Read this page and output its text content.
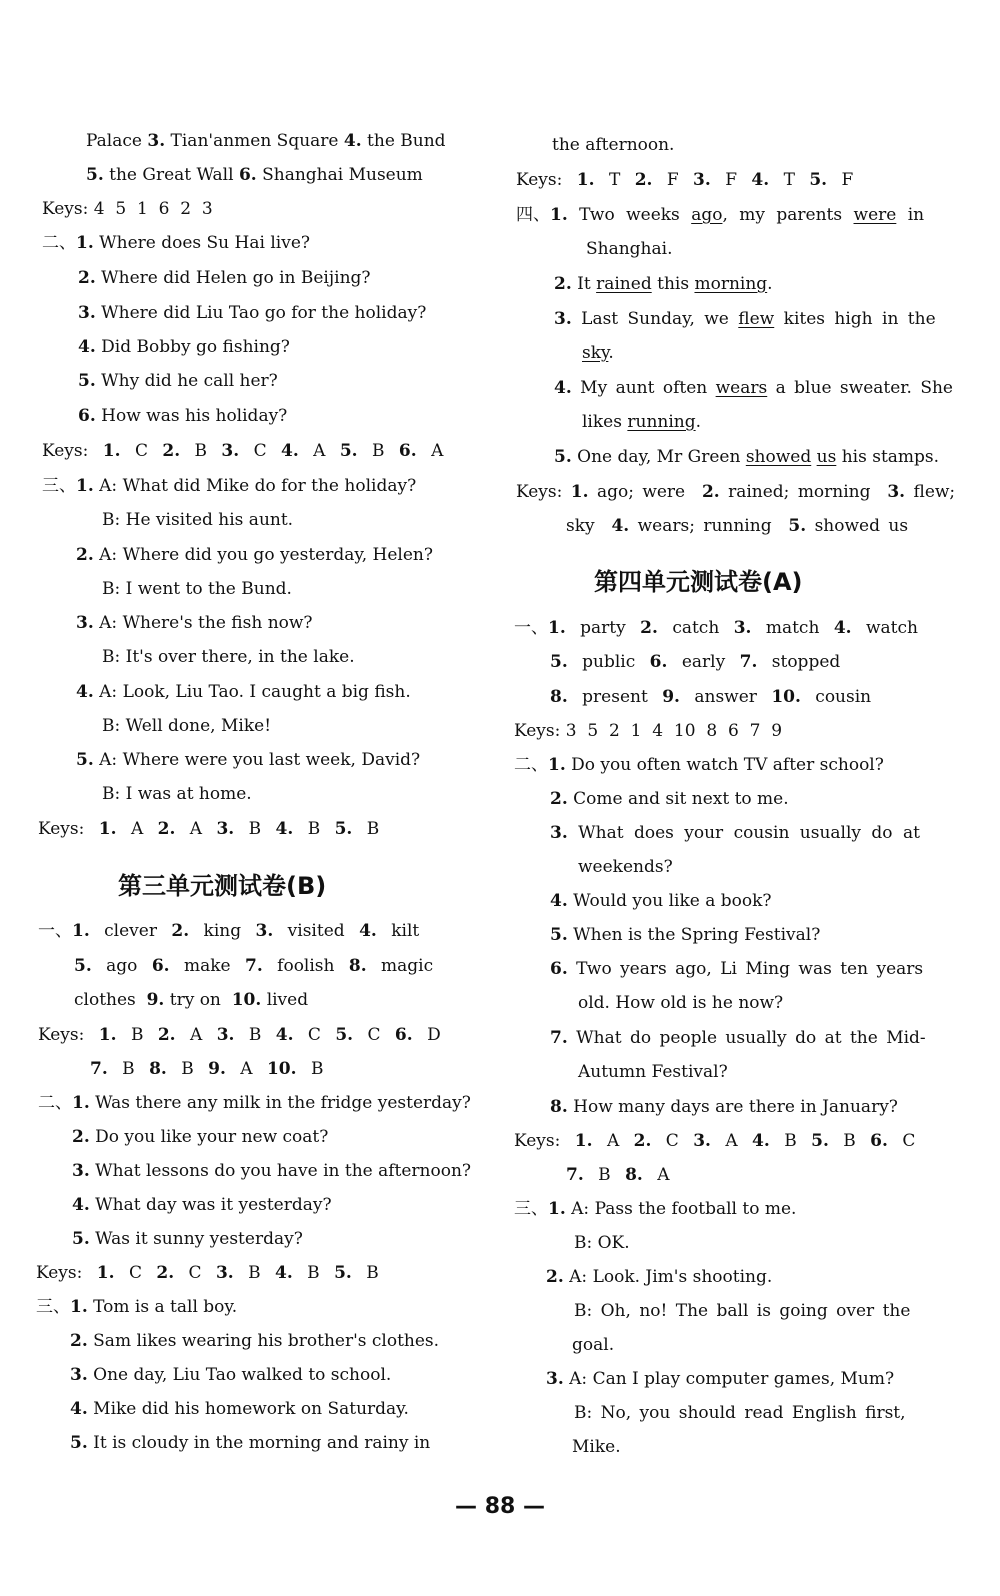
Palace 3. Tian'anmen Square 4. the Bund
5. the Great Wall 6. Shanghai Museum
Keys: 4  5  1  6  2  3
二、1. Where does Su Hai live?
2. Where did Helen go in Beijing?
3. Where did Liu Tao go for the holiday?
4. Did Bobby go fishing?
5. Why did he call her?
6. How was his holiday?
Keys: 1. C 2. B 3. C 4. A 5. B 6. A
三、1. A: What did Mike do for the holiday?
B: He visited his aunt.
2. A: Where did you go yesterday, Helen?
B: I went to the Bund.
3. A: Where's the fish now?
B: It's over there, in the lake.
4. A: Look, Liu Tao. I caught a big fish.
B: Well done, Mike!
5. A: Where were you last week, David?
B: I was at home.
Keys: 1. A 2. A 3. B 4. B 5. B
第三单元测试卷(B)
一、1. clever 2. king 3. visited 4. kilt
5. ago 6. make 7. foolish 8. magic
clothes 9. try on 10. lived
Keys: 1. B 2. A 3. B 4. C 5. C 6. D
7. B 8. B 9. A 10. B
二、1. Was there any milk in the fridge yesterday?
2. Do you like your new coat?
3. What lessons do you have in the afternoon?
4. What day was it yesterday?
5. Was it sunny yesterday?
Keys: 1. C 2. C 3. B 4. B 5. B
三、1. Tom is a tall boy.
2. Sam likes wearing his brother's clothes.
3. One day, Liu Tao walked to school.
4. Mike did his homework on Saturday.
5. It is cloudy in the morning and rainy in
the afternoon.
Keys: 1. T 2. F 3. F 4. T 5. F
四、1. Two weeks ago, my parents were in
Shanghai.
2. It rained this morning.
3. Last Sunday, we flew kites high in the
sky.
4. My aunt often wears a blue sweater. She
likes running.
5. One day, Mr Green showed us his stamps.
Keys: 1. ago; were 2. rained; morning 3. flew;
sky 4. wears; running 5. showed us
第四单元测试卷(A)
一、1. party 2. catch 3. match 4. watch
5. public 6. early 7. stopped
8. present 9. answer 10. cousin
Keys: 3  5  2  1  4  10  8  6  7  9
二、1. Do you often watch TV after school?
2. Come and sit next to me.
3. What does your cousin usually do at
weekends?
4. Would you like a book?
5. When is the Spring Festival?
6. Two years ago, Li Ming was ten years
old. How old is he now?
7. What do people usually do at the Mid-
Autumn Festival?
8. How many days are there in January?
Keys: 1. A 2. C 3. A 4. B 5. B 6. C
7. B 8. A
三、1. A: Pass the football to me.
B: OK.
2. A: Look. Jim's shooting.
B: Oh, no! The ball is going over the
goal.
3. A: Can I play computer games, Mum?
B: No, you should read English first,
Mike.
— 88 —
